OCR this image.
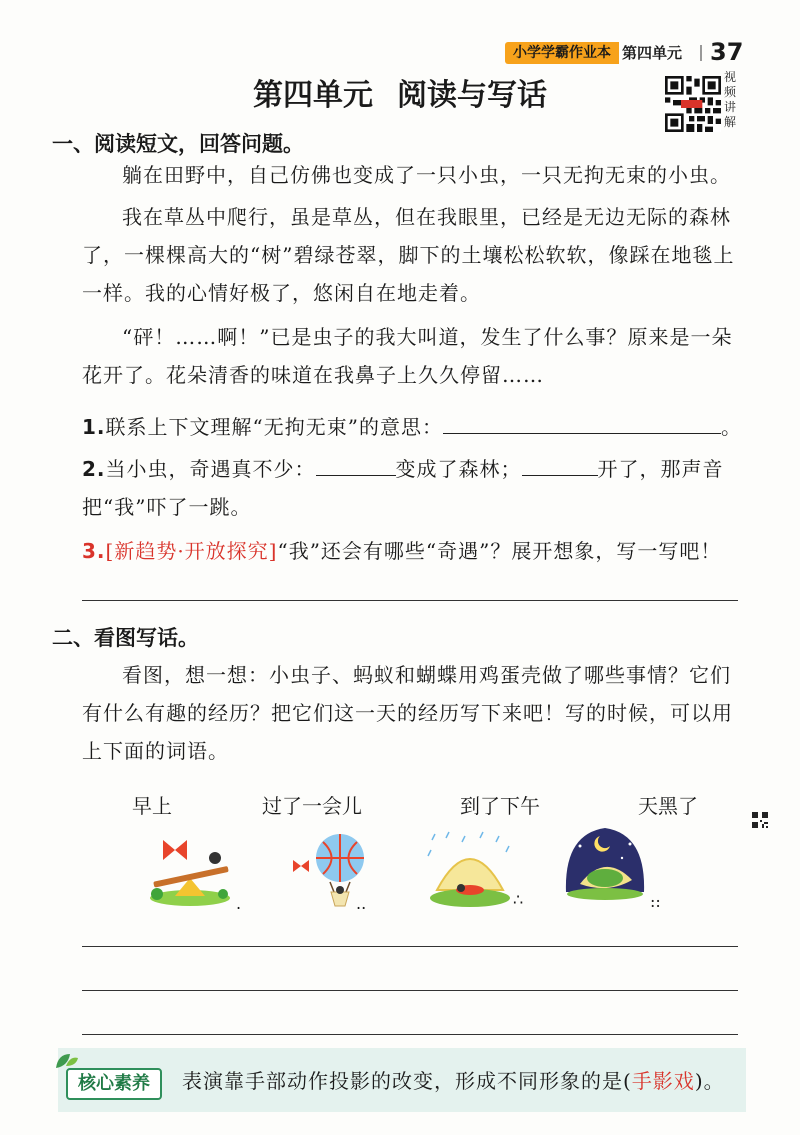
小学学霸作业本 第四单元 37
第四单元 阅读与写话
视频讲解
一、阅读短文，回答问题。
躺在田野中，自己仿佛也变成了一只小虫，一只无拘无束的小虫。
我在草丛中爬行，虽是草丛，但在我眼里，已经是无边无际的森林了，一棵棵高大的“树”碧绿苍翠，脚下的土壤松松软软，像踩在地毯上一样。我的心情好极了，悠闲自在地走着。
“砰！……啊！”已是虫子的我大叫道，发生了什么事？原来是一朵花开了。花朵清香的味道在我鼻子上久久停留……
1.联系上下文理解“无拘无束”的意思：	。
2.当小虫，奇遇真不少：	变成了森林；	开了，那声音
把“我”吓了一跳。
3.[新趋势·开放探究]“我”还会有哪些“奇遇”？展开想象，写一写吧！
二、看图写话。
看图，想一想：小虫子、蚂蚁和蝴蝶用鸡蛋壳做了哪些事情？它们有什么有趣的经历？把它们这一天的经历写下来吧！写的时候，可以用上下面的词语。
早上	过了一会儿	到了下午	天黑了
.	..	∴	::
核心素养	表演靠手部动作投影的改变，形成不同形象的是(手影戏)。
